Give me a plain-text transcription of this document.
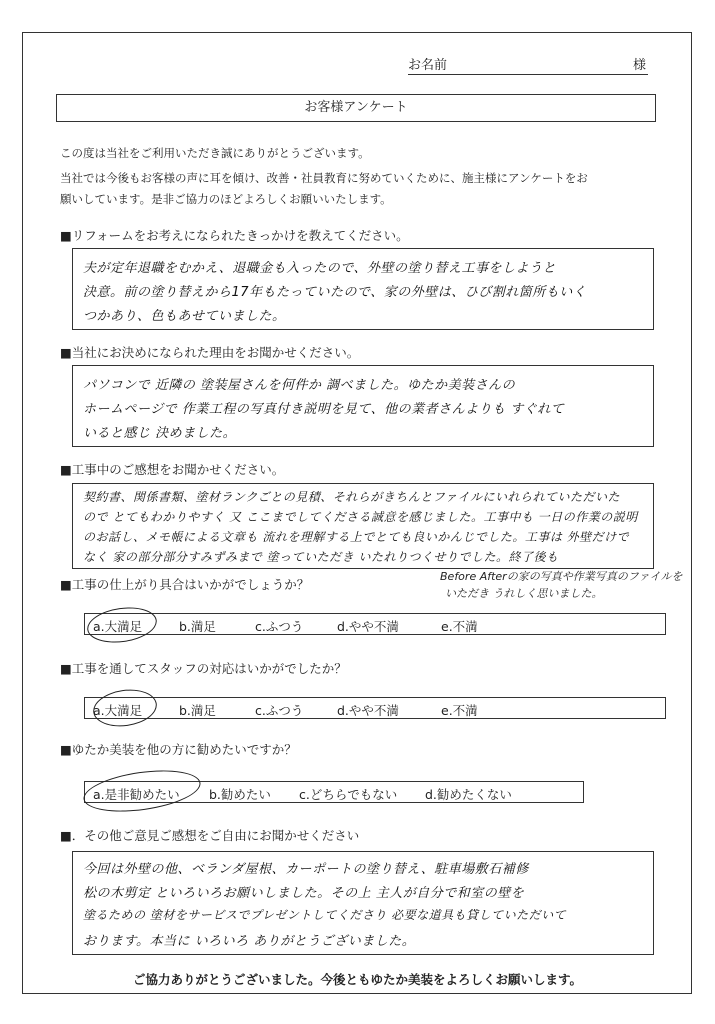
お名前	様
お客様アンケート
この度は当社をご利用いただき誠にありがとうございます。
当社では今後もお客様の声に耳を傾け、改善・社員教育に努めていくために、施主様にアンケートをお
願いしています。是非ご協力のほどよろしくお願いいたします。
■リフォームをお考えになられたきっかけを教えてください。
夫が定年退職をむかえ、退職金も入ったので、外壁の塗り替え工事をしようと
決意。前の塗り替えから17年もたっていたので、家の外壁は、ひび割れ箇所もいく
つかあり、色もあせていました。
■当社にお決めになられた理由をお聞かせください。
パソコンで 近隣の 塗装屋さんを何件か 調べました。ゆたか美装さんの
ホームページで 作業工程の写真付き説明を見て、他の業者さんよりも すぐれて
いると感じ 決めました。
■工事中のご感想をお聞かせください。
契約書、関係書類、塗材ランクごとの見積、それらがきちんとファイルにいれられていただいた
ので とてもわかりやすく 又 ここまでしてくださる誠意を感じました。工事中も 一日の作業の説明
のお話し、メモ帳による文章も 流れを理解する上でとても良いかんじでした。工事は 外壁だけで
なく 家の部分部分すみずみまで 塗っていただき いたれりつくせりでした。終了後も
Before Afterの家の写真や作業写真のファイルを
いただき うれしく思いました。
■工事の仕上がり具合はいかがでしょうか？
a.大満足	b.満足	c.ふつう	d.やや不満	e.不満
■工事を通してスタッフの対応はいかがでしたか？
a.大満足	b.満足	c.ふつう	d.やや不満	e.不満
■ゆたか美装を他の方に勧めたいですか？
a.是非勧めたい b.勧めたい c.どちらでもない d.勧めたくない
■．その他ご意見ご感想をご自由にお聞かせください
今回は外壁の他、ベランダ屋根、カーポートの塗り替え、駐車場敷石補修
松の木剪定 といろいろお願いしました。その上 主人が自分で和室の壁を
塗るための 塗材をサービスでプレゼントしてくださり 必要な道具も貸していただいて
おります。本当に いろいろ ありがとうございました。
ご協力ありがとうございました。今後ともゆたか美装をよろしくお願いします。
